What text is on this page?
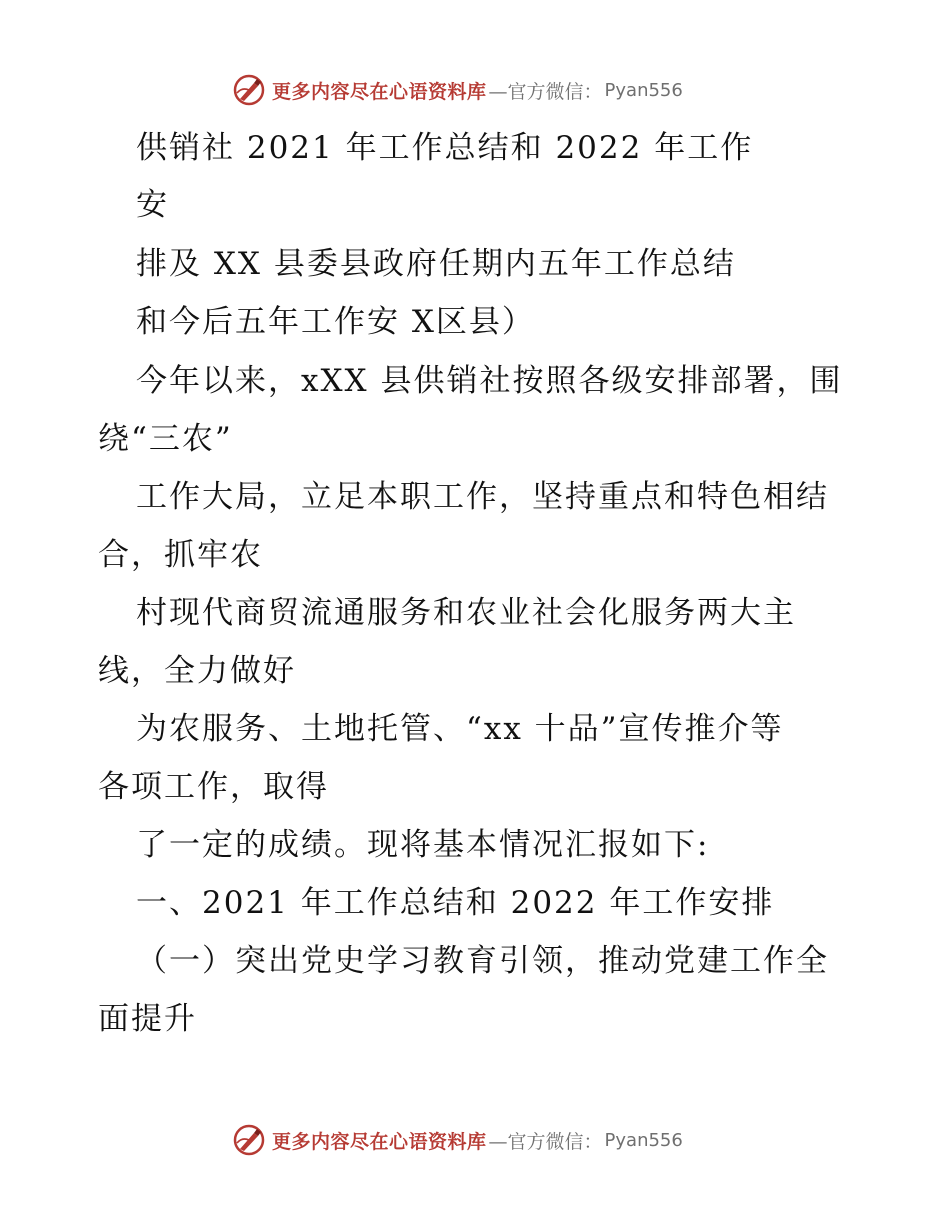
更多内容尽在心语资料库 —官方微信： Pyan556
供销社 2021 年工作总结和 2022 年工作
安
排及 XX 县委县政府任期内五年工作总结
和今后五年工作安 X区县）
今年以来，xXX 县供销社按照各级安排部署，围
绕“三农”
工作大局，立足本职工作，坚持重点和特色相结
合，抓牢农
村现代商贸流通服务和农业社会化服务两大主
线，全力做好
为农服务、土地托管、“xx 十品”宣传推介等
各项工作，取得
了一定的成绩。现将基本情况汇报如下:
一、2021 年工作总结和 2022 年工作安排
（一）突出党史学习教育引领，推动党建工作全
面提升
更多内容尽在心语资料库 —官方微信： Pyan556
